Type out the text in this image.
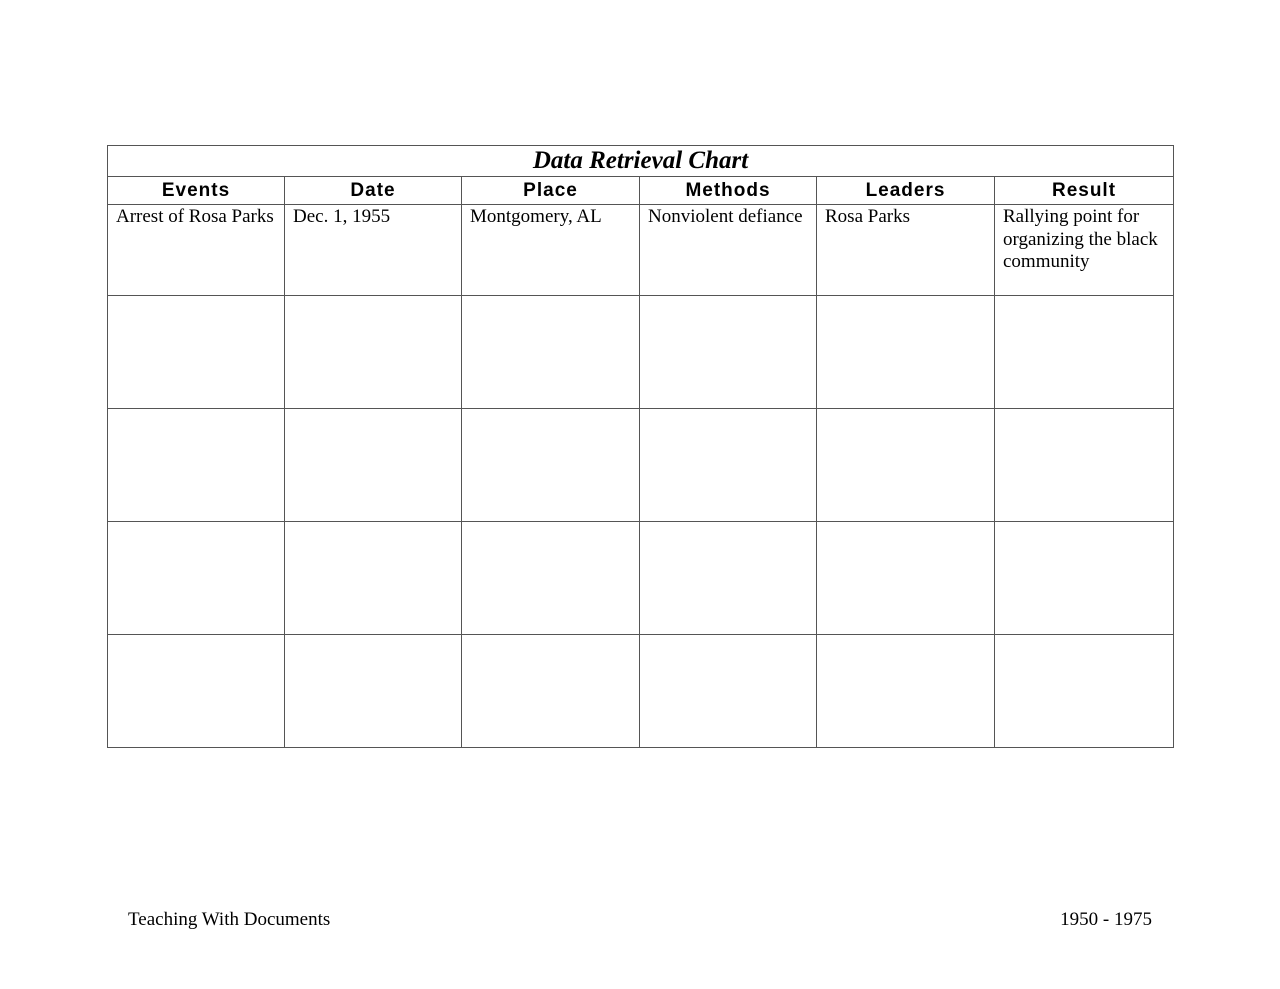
Data Retrieval Chart					
Events	Date	Place	Methods	Leaders	Result
Arrest of Rosa Parks	Dec. 1, 1955	Montgomery, AL	Nonviolent defiance	Rosa Parks	Rallying point for organizing the black community

Teaching With Documents	1950 - 1975
